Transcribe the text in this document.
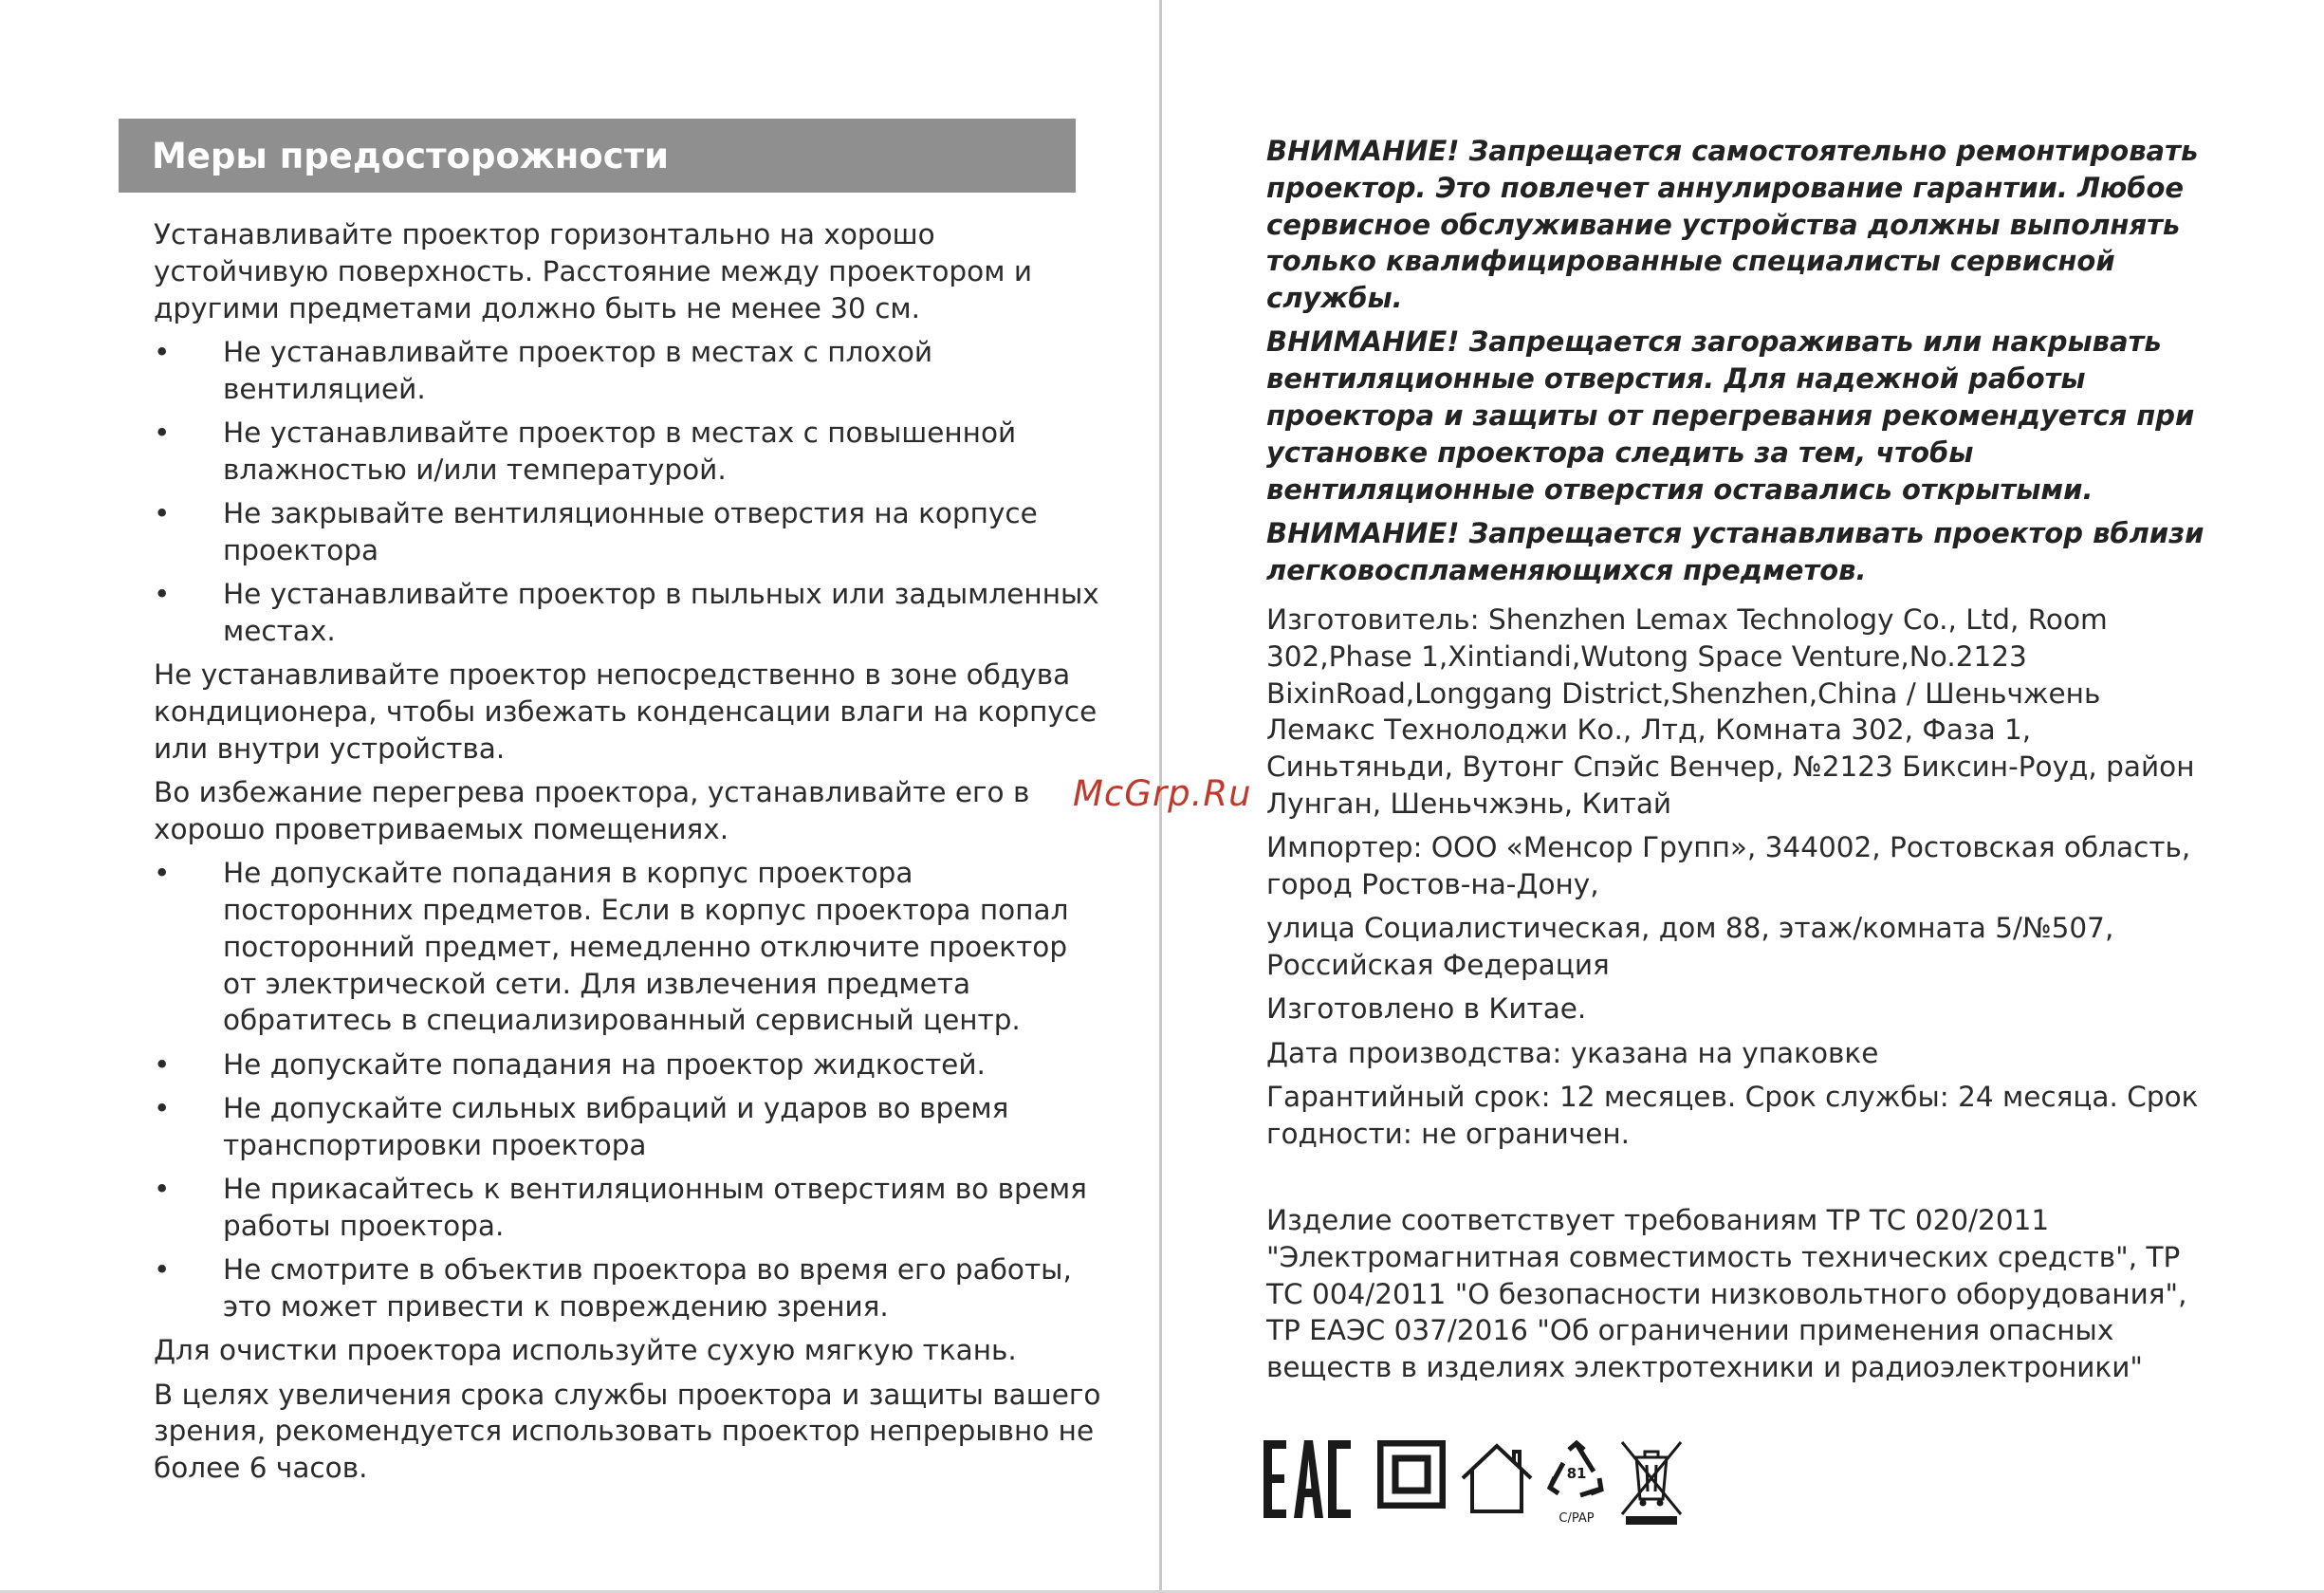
Меры предосторожности

Устанавливайте проектор горизонтально на хорошо устойчивую поверхность. Расстояние между проектором и другими предметами должно быть не менее 30 см.

• Не устанавливайте проектор в местах с плохой вентиляцией.
• Не устанавливайте проектор в местах с повышенной влажностью и/или температурой.
• Не закрывайте вентиляционные отверстия на корпусе проектора
• Не устанавливайте проектор в пыльных или задымленных местах.

Не устанавливайте проектор непосредственно в зоне обдува кондиционера, чтобы избежать конденсации влаги на корпусе или внутри устройства.

Во избежание перегрева проектора, устанавливайте его в хорошо проветриваемых помещениях.

• Не допускайте попадания в корпус проектора посторонних предметов. Если в корпус проектора попал посторонний предмет, немедленно отключите проектор от электрической сети. Для извлечения предмета обратитесь в специализированный сервисный центр.
• Не допускайте попадания на проектор жидкостей.
• Не допускайте сильных вибраций и ударов во время транспортировки проектора
• Не прикасайтесь к вентиляционным отверстиям во время работы проектора.
• Не смотрите в объектив проектора во время его работы, это может привести к повреждению зрения.

Для очистки проектора используйте сухую мягкую ткань.

В целях увеличения срока службы проектора и защиты вашего зрения, рекомендуется использовать проектор непрерывно не более 6 часов.

ВНИМАНИЕ! Запрещается самостоятельно ремонтировать проектор. Это повлечет аннулирование гарантии. Любое сервисное обслуживание устройства должны выполнять только квалифицированные специалисты сервисной службы.

ВНИМАНИЕ! Запрещается загораживать или накрывать вентиляционные отверстия. Для надежной работы проектора и защиты от перегревания рекомендуется при установке проектора следить за тем, чтобы вентиляционные отверстия оставались открытыми.

ВНИМАНИЕ! Запрещается устанавливать проектор вблизи легковоспламеняющихся предметов.

Изготовитель: Shenzhen Lemax Technology Co., Ltd, Room 302,Phase 1,Xintiandi,Wutong Space Venture,No.2123 BixinRoad,Longgang District,Shenzhen,China / Шеньчжень Лемакс Технолоджи Ко., Лтд, Комната 302, Фаза 1, Синьтяньди, Вутонг Спэйс Венчер, №2123 Биксин-Роуд, район Лунган, Шеньчжэнь, Китай

Импортер: ООО «Менсор Групп», 344002, Ростовская область, город Ростов-на-Дону,

улица Социалистическая, дом 88, этаж/комната 5/№507, Российская Федерация

Изготовлено в Китае.

Дата производства: указана на упаковке

Гарантийный срок: 12 месяцев. Срок службы: 24 месяца. Срок годности: не ограничен.

Изделие соответствует требованиям ТР ТС 020/2011 "Электромагнитная совместимость технических средств", ТР ТС 004/2011 "О безопасности низковольтного оборудования", ТР ЕАЭС 037/2016 "Об ограничении применения опасных веществ в изделиях электротехники и радиоэлектроники"

81
C/PAP
McGrp.Ru
